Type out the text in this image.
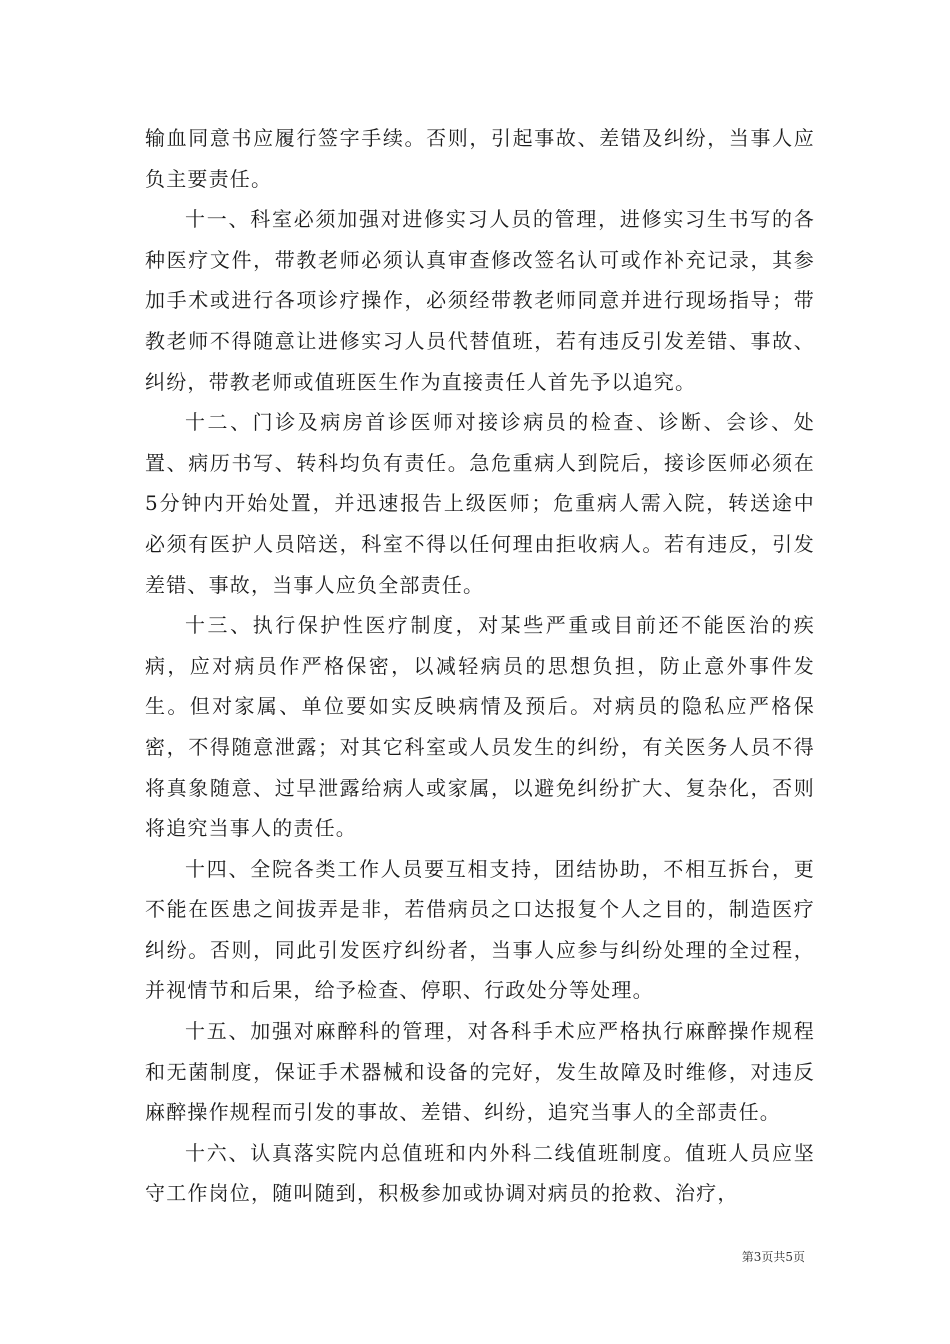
输血同意书应履行签字手续。否则，引起事故、差错及纠纷，当事人应负主要责任。

十一、科室必须加强对进修实习人员的管理，进修实习生书写的各种医疗文件，带教老师必须认真审查修改签名认可或作补充记录，其参加手术或进行各项诊疗操作，必须经带教老师同意并进行现场指导；带教老师不得随意让进修实习人员代替值班，若有违反引发差错、事故、纠纷，带教老师或值班医生作为直接责任人首先予以追究。

十二、门诊及病房首诊医师对接诊病员的检查、诊断、会诊、处置、病历书写、转科均负有责任。急危重病人到院后，接诊医师必须在5分钟内开始处置，并迅速报告上级医师；危重病人需入院，转送途中必须有医护人员陪送，科室不得以任何理由拒收病人。若有违反，引发差错、事故，当事人应负全部责任。

十三、执行保护性医疗制度，对某些严重或目前还不能医治的疾病，应对病员作严格保密，以减轻病员的思想负担，防止意外事件发生。但对家属、单位要如实反映病情及预后。对病员的隐私应严格保密，不得随意泄露；对其它科室或人员发生的纠纷，有关医务人员不得将真象随意、过早泄露给病人或家属，以避免纠纷扩大、复杂化，否则将追究当事人的责任。

十四、全院各类工作人员要互相支持，团结协助，不相互拆台，更不能在医患之间拔弄是非，若借病员之口达报复个人之目的，制造医疗纠纷。否则，同此引发医疗纠纷者，当事人应参与纠纷处理的全过程，并视情节和后果，给予检查、停职、行政处分等处理。

十五、加强对麻醉科的管理，对各科手术应严格执行麻醉操作规程和无菌制度，保证手术器械和设备的完好，发生故障及时维修，对违反麻醉操作规程而引发的事故、差错、纠纷，追究当事人的全部责任。

十六、认真落实院内总值班和内外科二线值班制度。值班人员应坚守工作岗位，随叫随到，积极参加或协调对病员的抢救、治疗，

第3页共5页
